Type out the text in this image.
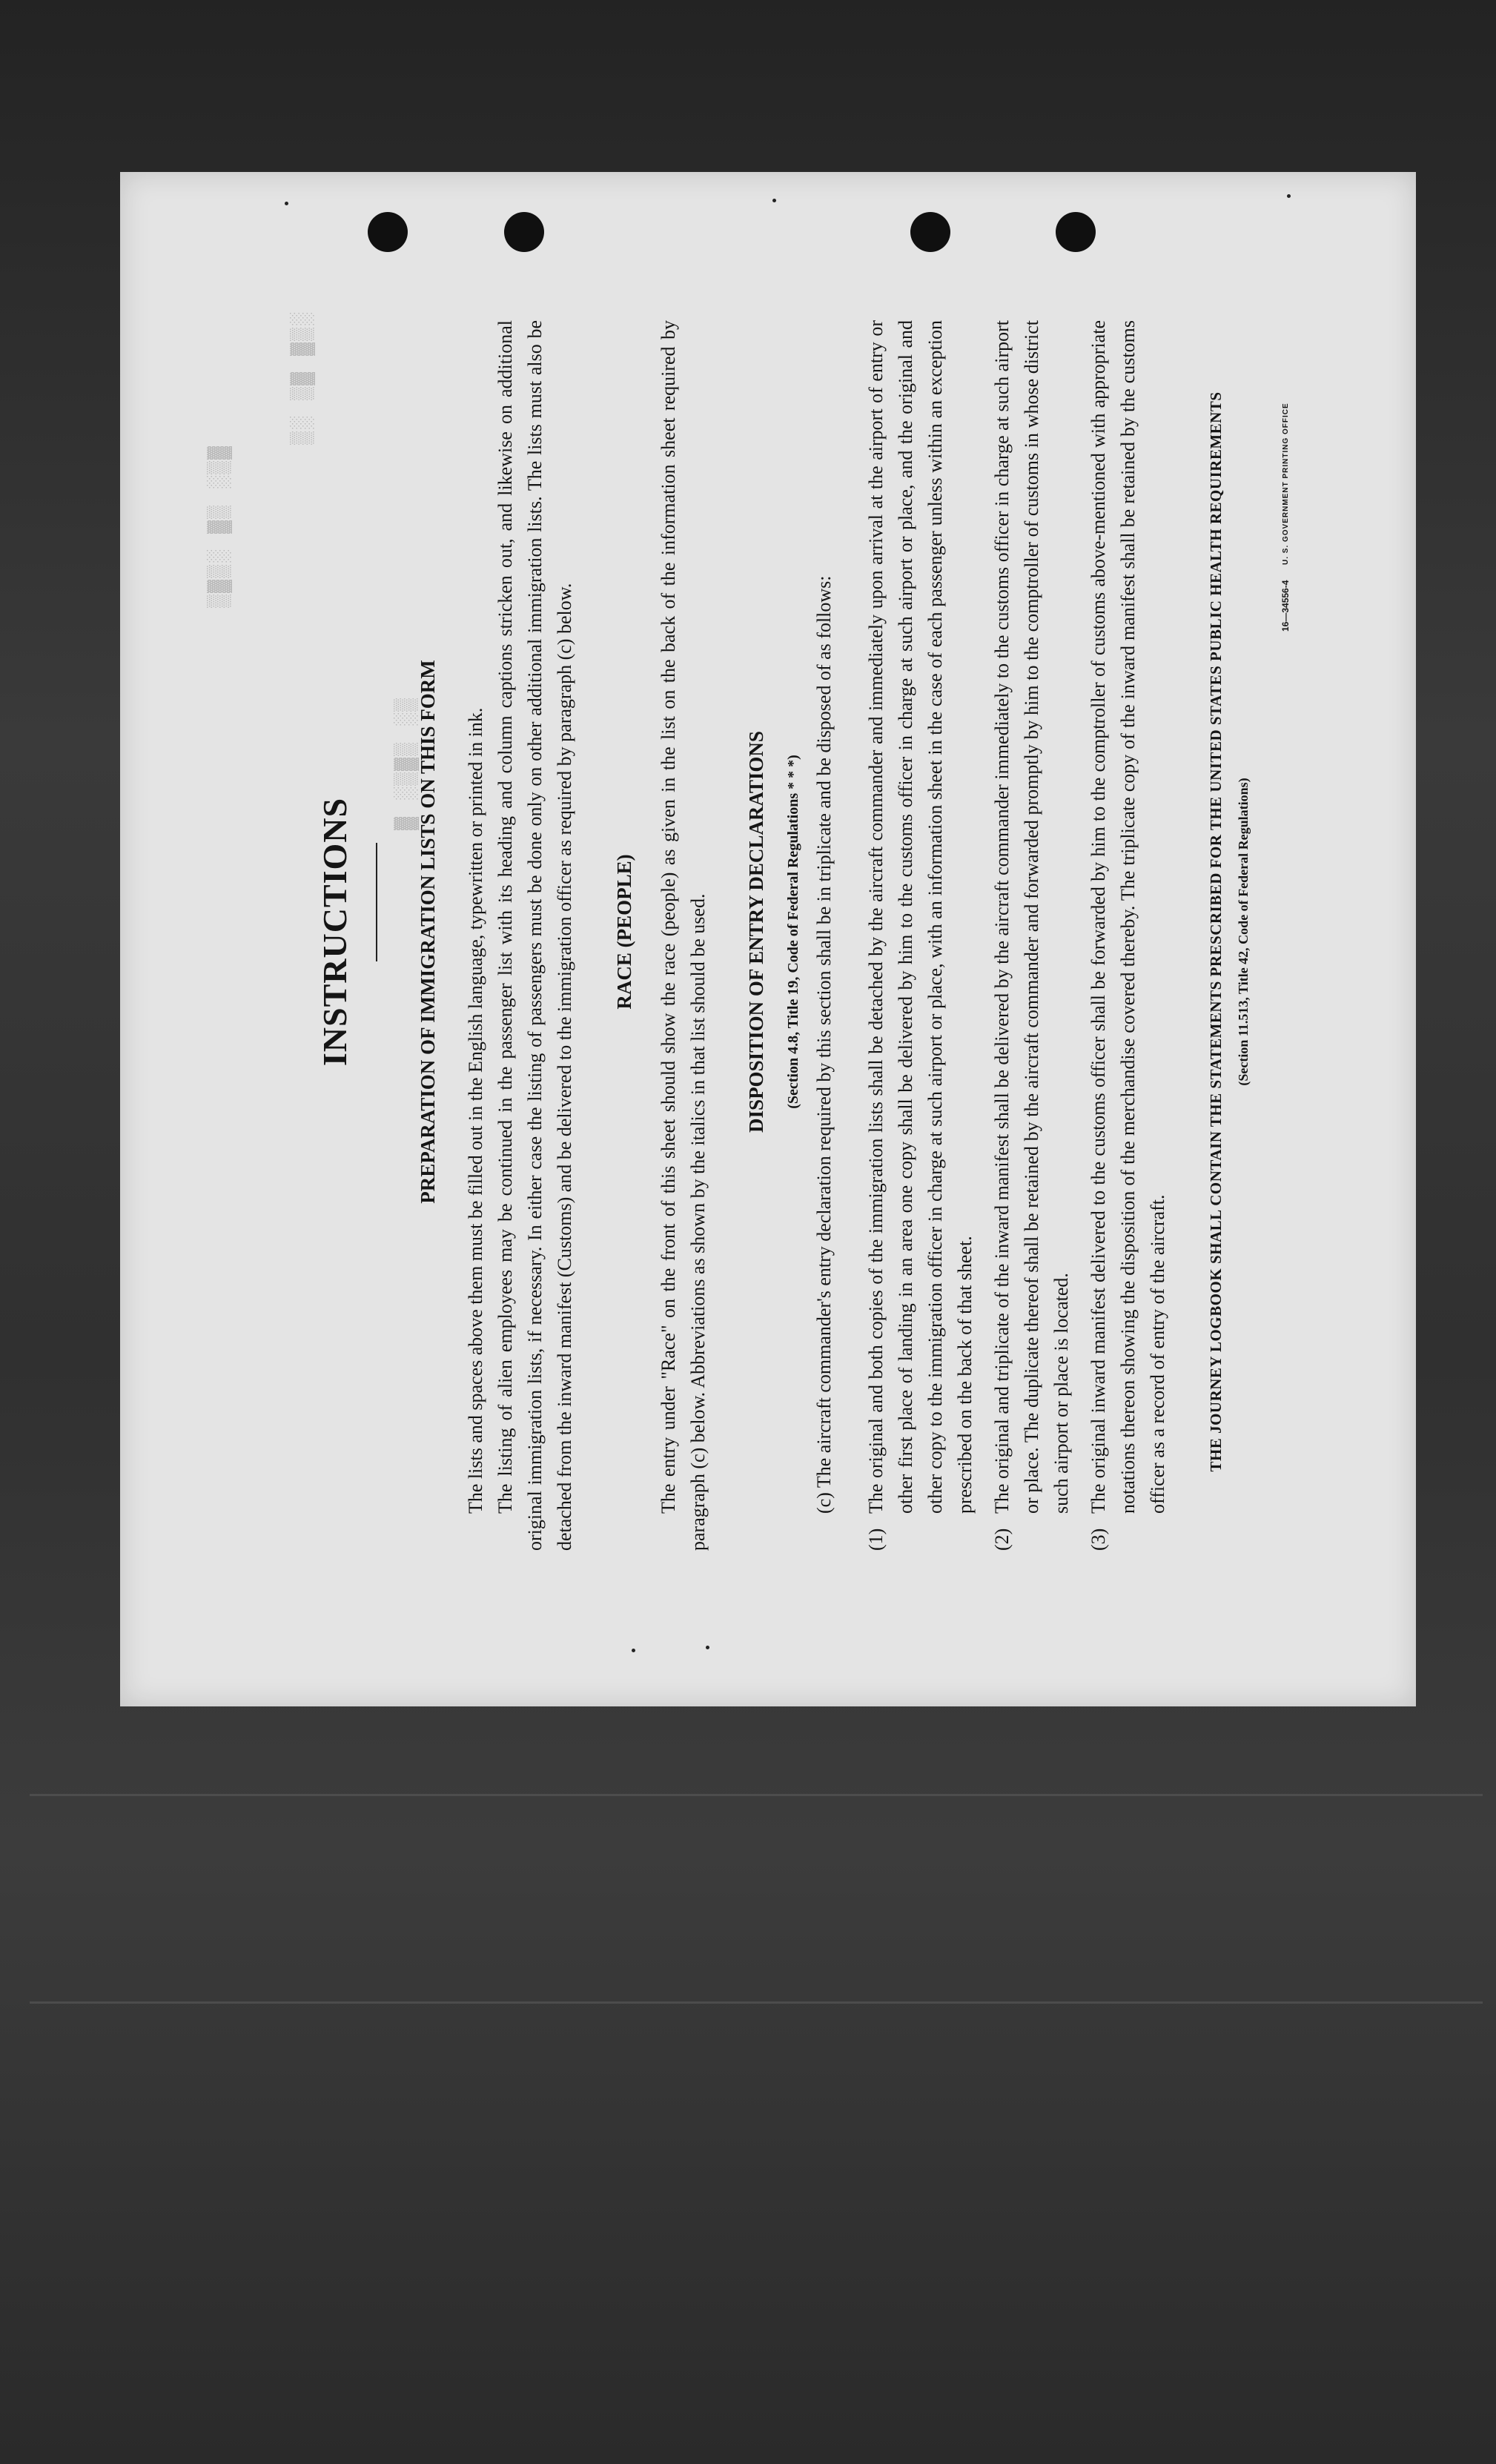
▓▒░ ▒▓ ░▒▓▒
░▒▓ ▓▒ ░▒
▒░ ▒▓▒░ ▓
INSTRUCTIONS	PREPARATION OF IMMIGRATION LISTS ON THIS FORM The lists and spaces above them must be filled out in the English language, typewritten or printed in ink. The listing of alien employees may be continued in the passenger list with its heading and column captions stricken out, and likewise on additional original immigration lists, if necessary. In either case the listing of passengers must be done only on other additional immigration lists. The lists must also be detached from the inward manifest (Customs) and be delivered to the immigration officer as required by paragraph (c) below. RACE (PEOPLE) The entry under "Race" on the front of this sheet should show the race (people) as given in the list on the back of the information sheet required by paragraph (c) below. Abbreviations as shown by the italics in that list should be used. DISPOSITION OF ENTRY DECLARATIONS	(Section 4.8, Title 19, Code of Federal Regulations * * *) (c) The aircraft commander's entry declaration required by this section shall be in triplicate and be disposed of as follows:
(1)
The original and both copies of the immigration lists shall be detached by the aircraft commander and immediately upon arrival at the airport of entry or other first place of landing in an area one copy shall be delivered by him to the customs officer in charge at such airport or place, and the original and other copy to the immigration officer in charge at such airport or place, with an information sheet in the case of each passenger unless within an exception prescribed on the back of that sheet.
(2)
The original and triplicate of the inward manifest shall be delivered by the aircraft commander immediately to the customs officer in charge at such airport or place. The duplicate thereof shall be retained by the aircraft commander and forwarded promptly by him to the comptroller of customs in whose district such airport or place is located.
(3)
The original inward manifest delivered to the customs officer shall be forwarded by him to the comptroller of customs above-mentioned with appropriate notations thereon showing the disposition of the merchandise covered thereby. The triplicate copy of the inward manifest shall be retained by the customs officer as a record of entry of the aircraft.	THE JOURNEY LOGBOOK SHALL CONTAIN THE STATEMENTS PRESCRIBED FOR THE UNITED STATES PUBLIC HEALTH REQUIREMENTS (Section 11.513, Title 42, Code of Federal Regulations)
16—34556-4
U. S. GOVERNMENT PRINTING OFFICE
